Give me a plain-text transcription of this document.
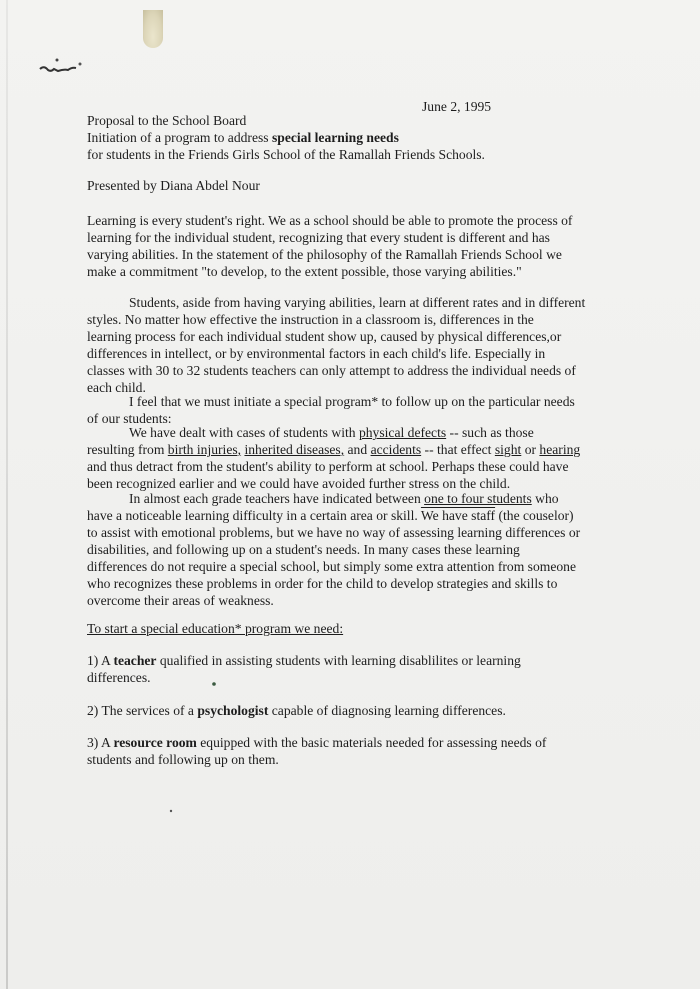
June 2, 1995
Proposal to the School Board
Initiation of a program to address special learning needs
for students in the Friends Girls School of the Ramallah Friends Schools.
Presented by Diana Abdel Nour
Learning is every student's right. We as a school should be able to promote the process of
learning for the individual student, recognizing that every student is different and has
varying abilities. In the statement of the philosophy of the Ramallah Friends School we
make a commitment "to develop, to the extent possible, those varying abilities."
Students, aside from having varying abilities, learn at different rates and in different
styles. No matter how effective the instruction in a classroom is, differences in the
learning process for each individual student show up, caused by physical differences,or
differences in intellect, or by environmental factors in each child's life. Especially in
classes with 30 to 32 students teachers can only attempt to address the individual needs of
each child.
I feel that we must initiate a special program* to follow up on the particular needs
of our students:
We have dealt with cases of students with physical defects -- such as those
resulting from birth injuries, inherited diseases, and accidents -- that effect sight or hearing
and thus detract from the student's ability to perform at school. Perhaps these could have
been recognized earlier and we could have avoided further stress on the child.
In almost each grade teachers have indicated between one to four students who
have a noticeable learning difficulty in a certain area or skill. We have staff (the couselor)
to assist with emotional problems, but we have no way of assessing learning differences or
disabilities, and following up on a student's needs. In many cases these learning
differences do not require a special school, but simply some extra attention from someone
who recognizes these problems in order for the child to develop strategies and skills to
overcome their areas of weakness.
To start a special education* program we need:
1) A teacher qualified in assisting students with learning disablilites or learning
differences.
2) The services of a psychologist capable of diagnosing learning differences.
3) A resource room equipped with the basic materials needed for assessing needs of
students and following up on them.
